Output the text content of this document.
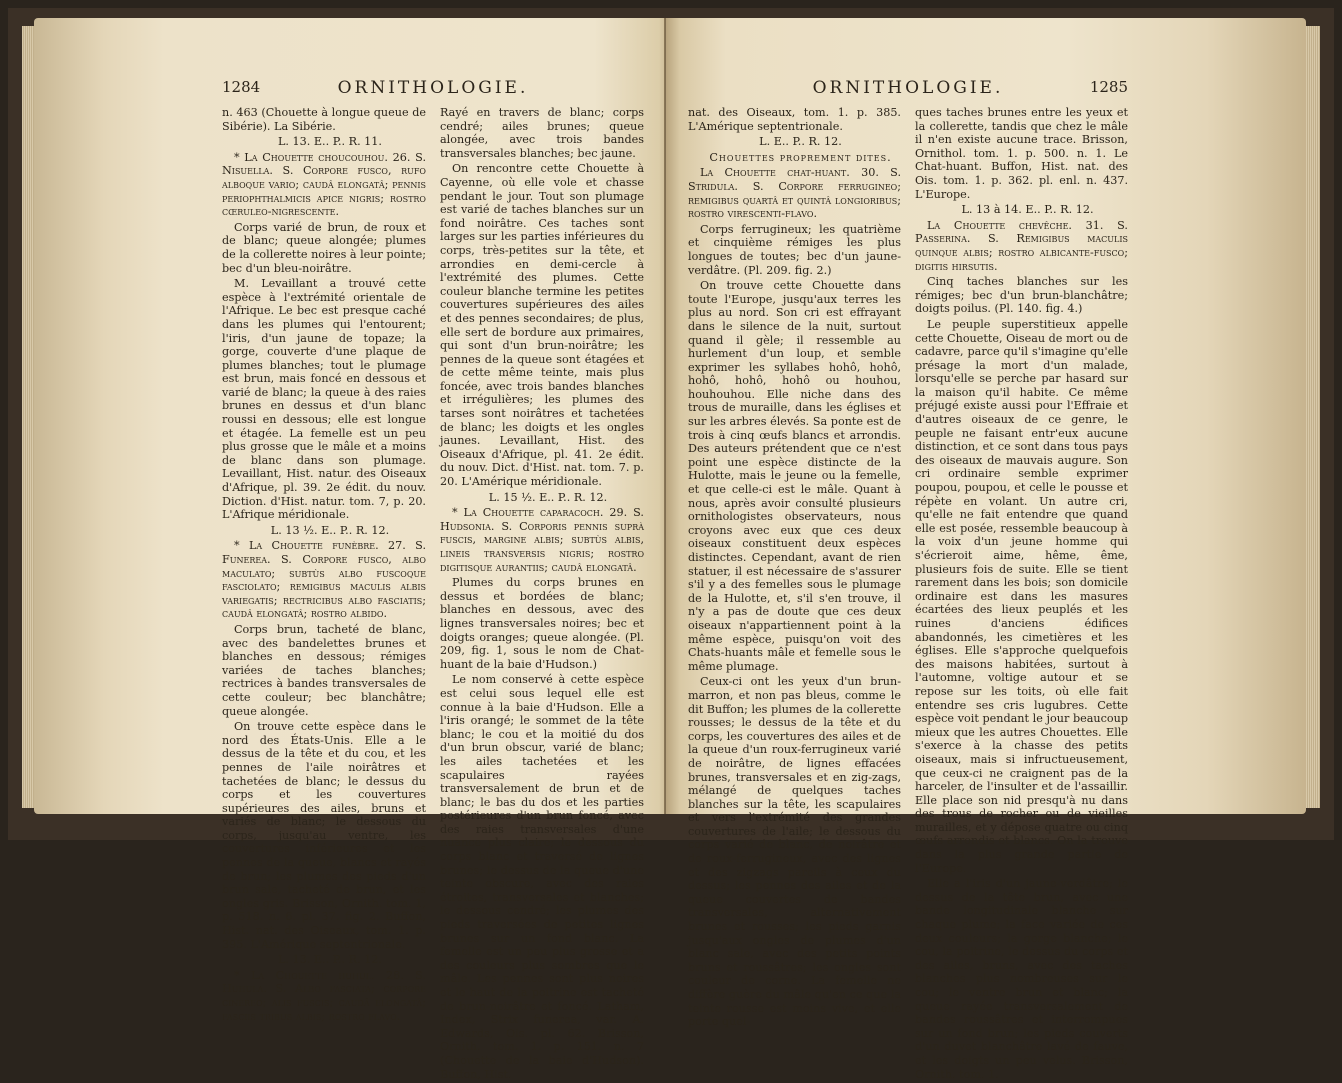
1284	ORNITHOLOGIE.

n. 463 (Chouette à longue queue de Sibérie). La Sibérie.

L. 13. E.. P.. R. 11.

* La Chouette choucouhou. 26. S. Nisuella. S. Corpore fusco, rufo alboque vario; caudâ elongatâ; pennis periophthalmicis apice nigris; rostro cœruleo-nigrescente.

Corps varié de brun, de roux et de blanc; queue alongée; plumes de la collerette noires à leur pointe; bec d'un bleu-noirâtre.

M. Levaillant a trouvé cette espèce à l'extrémité orientale de l'Afrique. Le bec est presque caché dans les plumes qui l'entourent; l'iris, d'un jaune de topaze; la gorge, couverte d'une plaque de plumes blanches; tout le plumage est brun, mais foncé en dessous et varié de blanc; la queue à des raies brunes en dessus et d'un blanc roussi en dessous; elle est longue et étagée. La femelle est un peu plus grosse que le mâle et a moins de blanc dans son plumage. Levaillant, Hist. natur. des Oiseaux d'Afrique, pl. 39. 2e édit. du nouv. Diction. d'Hist. natur. tom. 7, p. 20. L'Afrique méridionale.

L. 13 ½. E.. P.. R. 12.

* La Chouette funèbre. 27. S. Funerea. S. Corpore fusco, albo maculato; subtùs albo fuscoque fasciolato; remigibus maculis albis variegatis; rectricibus albo fasciatis; caudâ elongatâ; rostro albido.

Corps brun, tacheté de blanc, avec des bandelettes brunes et blanches en dessous; rémiges variées de taches blanches; rectrices à bandes transversales de cette couleur; bec blanchâtre; queue alongée.

On trouve cette espèce dans le nord des États-Unis. Elle a le dessus de la tête et du cou, et les pennes de l'aile noirâtres et tachetées de blanc; le dessus du corps et les couvertures supérieures des ailes, bruns et variés de blanc; le dessous du corps, jusqu'au ventre, les couvertures inférieures et les pennes de la queue, blancs et rayés de brun; les plumes des pieds d'un brun sale, tacheté de brun, et les ongles gris. Brisson, Ornith. tom. 1, p. 518. n. 6. pl. 37. fig. 2. Buffon, Hist. nat. des Oiseaux, tom. 1. p. 395. L'Amérique septentrionale.

L. 13. E.. P.. R. 12.

* La Chouette huhul. 28. S. Huhula. S. Albo fasciata; corpore cinereo; alis fuscis; caudâ elongatâ; fasciis tribus albis; rostro flavo.

Rayé en travers de blanc; corps cendré; ailes brunes; queue alongée, avec trois bandes transversales blanches; bec jaune.

On rencontre cette Chouette à Cayenne, où elle vole et chasse pendant le jour. Tout son plumage est varié de taches blanches sur un fond noirâtre. Ces taches sont larges sur les parties inférieures du corps, très-petites sur la tête, et arrondies en demi-cercle à l'extrémité des plumes. Cette couleur blanche termine les petites couvertures supérieures des ailes et des pennes secondaires; de plus, elle sert de bordure aux primaires, qui sont d'un brun-noirâtre; les pennes de la queue sont étagées et de cette même teinte, mais plus foncée, avec trois bandes blanches et irrégulières; les plumes des tarses sont noirâtres et tachetées de blanc; les doigts et les ongles jaunes. Levaillant, Hist. des Oiseaux d'Afrique, pl. 41. 2e édit. du nouv. Dict. d'Hist. nat. tom. 7. p. 20. L'Amérique méridionale.

L. 15 ½. E.. P.. R. 12.

* La Chouette caparacoch. 29. S. Hudsonia. S. Corporis pennis suprà fuscis, margine albis; subtùs albis, lineis transversis nigris; rostro digitisque aurantiis; caudâ elongatâ.

Plumes du corps brunes en dessus et bordées de blanc; blanches en dessous, avec des lignes transversales noires; bec et doigts oranges; queue alongée. (Pl. 209, fig. 1, sous le nom de Chat-huant de la baie d'Hudson.)

Le nom conservé à cette espèce est celui sous lequel elle est connue à la baie d'Hudson. Elle a l'iris orangé; le sommet de la tête blanc; le cou et la moitié du dos d'un brun obscur, varié de blanc; les ailes tachetées et les scapulaires rayées transversalement de brun et de blanc; le bas du dos et les parties postérieures d'un brun foncé, avec des raies transversales d'une nuance plus claire; le dessous du corps blanc et traversé de lignes brunes; le dessus de la queue d'une teinte obscure, avec des raies étroites, transversales et blanches; le dessous cendré; les plumes des pieds traversées de petites lignes brunes sur un fond blanc. La femelle est un peu plus grosse et a des couleurs plus sombres que le mâle. Les pennes sont plus noires et le haut de la poitrine est tacheté de brun-noirâtre et foncé. Latham, Index, Strix funerea, var. A. Edwards, Ois. pl. 62. Brisson, Ornith. tom. 1. p. 151. n. 7 (Chouette de la baie d'Hudson). Buffon, Hist.

ORNITHOLOGIE.	1285

nat. des Oiseaux, tom. 1. p. 385. L'Amérique septentrionale.

L. E.. P.. R. 12.

Chouettes proprement dites.

La Chouette chat-huant. 30. S. Stridula. S. Corpore ferrugineo; remigibus quartâ et quintâ longioribus; rostro virescenti-flavo.

Corps ferrugineux; les quatrième et cinquième rémiges les plus longues de toutes; bec d'un jaune-verdâtre. (Pl. 209. fig. 2.)

On trouve cette Chouette dans toute l'Europe, jusqu'aux terres les plus au nord. Son cri est effrayant dans le silence de la nuit, surtout quand il gèle; il ressemble au hurlement d'un loup, et semble exprimer les syllabes hohô, hohô, hohô, hohô, hohô ou houhou, houhouhou. Elle niche dans des trous de muraille, dans les églises et sur les arbres élevés. Sa ponte est de trois à cinq œufs blancs et arrondis. Des auteurs prétendent que ce n'est point une espèce distincte de la Hulotte, mais le jeune ou la femelle, et que celle-ci est le mâle. Quant à nous, après avoir consulté plusieurs ornithologistes observateurs, nous croyons avec eux que ces deux oiseaux constituent deux espèces distinctes. Cependant, avant de rien statuer, il est nécessaire de s'assurer s'il y a des femelles sous le plumage de la Hulotte, et, s'il s'en trouve, il n'y a pas de doute que ces deux oiseaux n'appartiennent point à la même espèce, puisqu'on voit des Chats-huants mâle et femelle sous le même plumage.

Ceux-ci ont les yeux d'un brun-marron, et non pas bleus, comme le dit Buffon; les plumes de la collerette rousses; le dessus de la tête et du corps, les couvertures des ailes et de la queue d'un roux-ferrugineux varié de noirâtre, de lignes effacées brunes, transversales et en zig-zags, mélangé de quelques taches blanches sur la tête, les scapulaires et vers l'extrémité des grandes couvertures de l'aile; le dessous du corps varié de blanc, de noirâtre et de roux-ferrugineux, avec des lignes et des zigzags pareils à ceux du dessus; les pennes des ailes et de la queue couvertes de bandes transversales, alternativement brunes et rousses; les pieds garnis jusqu'aux ongles de plumes d'un blanc sale, avec des petits points bruns et roussâtres; les ongles sont couleur de corne. La femelle ne diffère guère du mâle qu'en ce que la teinte rousse est moins vive, et elle porte quel-

ques taches brunes entre les yeux et la collerette, tandis que chez le mâle il n'en existe aucune trace. Brisson, Ornithol. tom. 1. p. 500. n. 1. Le Chat-huant. Buffon, Hist. nat. des Ois. tom. 1. p. 362. pl. enl. n. 437. L'Europe.

L. 13 à 14. E.. P.. R. 12.

La Chouette chevêche. 31. S. Passerina. S. Remigibus maculis quinque albis; rostro albicante-fusco; digitis hirsutis.

Cinq taches blanches sur les rémiges; bec d'un brun-blanchâtre; doigts poilus. (Pl. 140. fig. 4.)

Le peuple superstitieux appelle cette Chouette, Oiseau de mort ou de cadavre, parce qu'il s'imagine qu'elle présage la mort d'un malade, lorsqu'elle se perche par hasard sur la maison qu'il habite. Ce même préjugé existe aussi pour l'Effraie et d'autres oiseaux de ce genre, le peuple ne faisant entr'eux aucune distinction, et ce sont dans tous pays des oiseaux de mauvais augure. Son cri ordinaire semble exprimer poupou, poupou, et celle le pousse et répète en volant. Un autre cri, qu'elle ne fait entendre que quand elle est posée, ressemble beaucoup à la voix d'un jeune homme qui s'écrieroit aime, hême, ême, plusieurs fois de suite. Elle se tient rarement dans les bois; son domicile ordinaire est dans les masures écartées des lieux peuplés et les ruines d'anciens édifices abandonnés, les cimetières et les églises. Elle s'approche quelquefois des maisons habitées, surtout à l'automne, voltige autour et se repose sur les toits, où elle fait entendre ses cris lugubres. Cette espèce voit pendant le jour beaucoup mieux que les autres Chouettes. Elle s'exerce à la chasse des petits oiseaux, mais si infructueusement, que ceux-ci ne craignent pas de la harceler, de l'insulter et de l'assaillir. Elle place son nid presqu'à nu dans des trous de rocher ou de vieilles murailles, et y dépose quatre ou cinq œufs arrondis et blancs. On la trouve dans la plus grande partie de l'Europe.

Elle a l'iris d'un jaune-verdâtre; le dessus de la tête brun, avec une bande longitudinale blanche sur chaque plume; la face variée de ces deux couleurs; la gorge blanche; le cou, la poitrine, le dessus du corps et des ailes, bruns, avec des taches blanches plus nombreuses sur le cou; le ventre brun et blanc; la queue rayée transversalement de bandes roussâtres et interrompues sur un fond brun; les pieds couverts d'un duvet blanchâtre lavé de fauve, et les doigts un peu velus. Brisson, Ornith. tom. 1.
